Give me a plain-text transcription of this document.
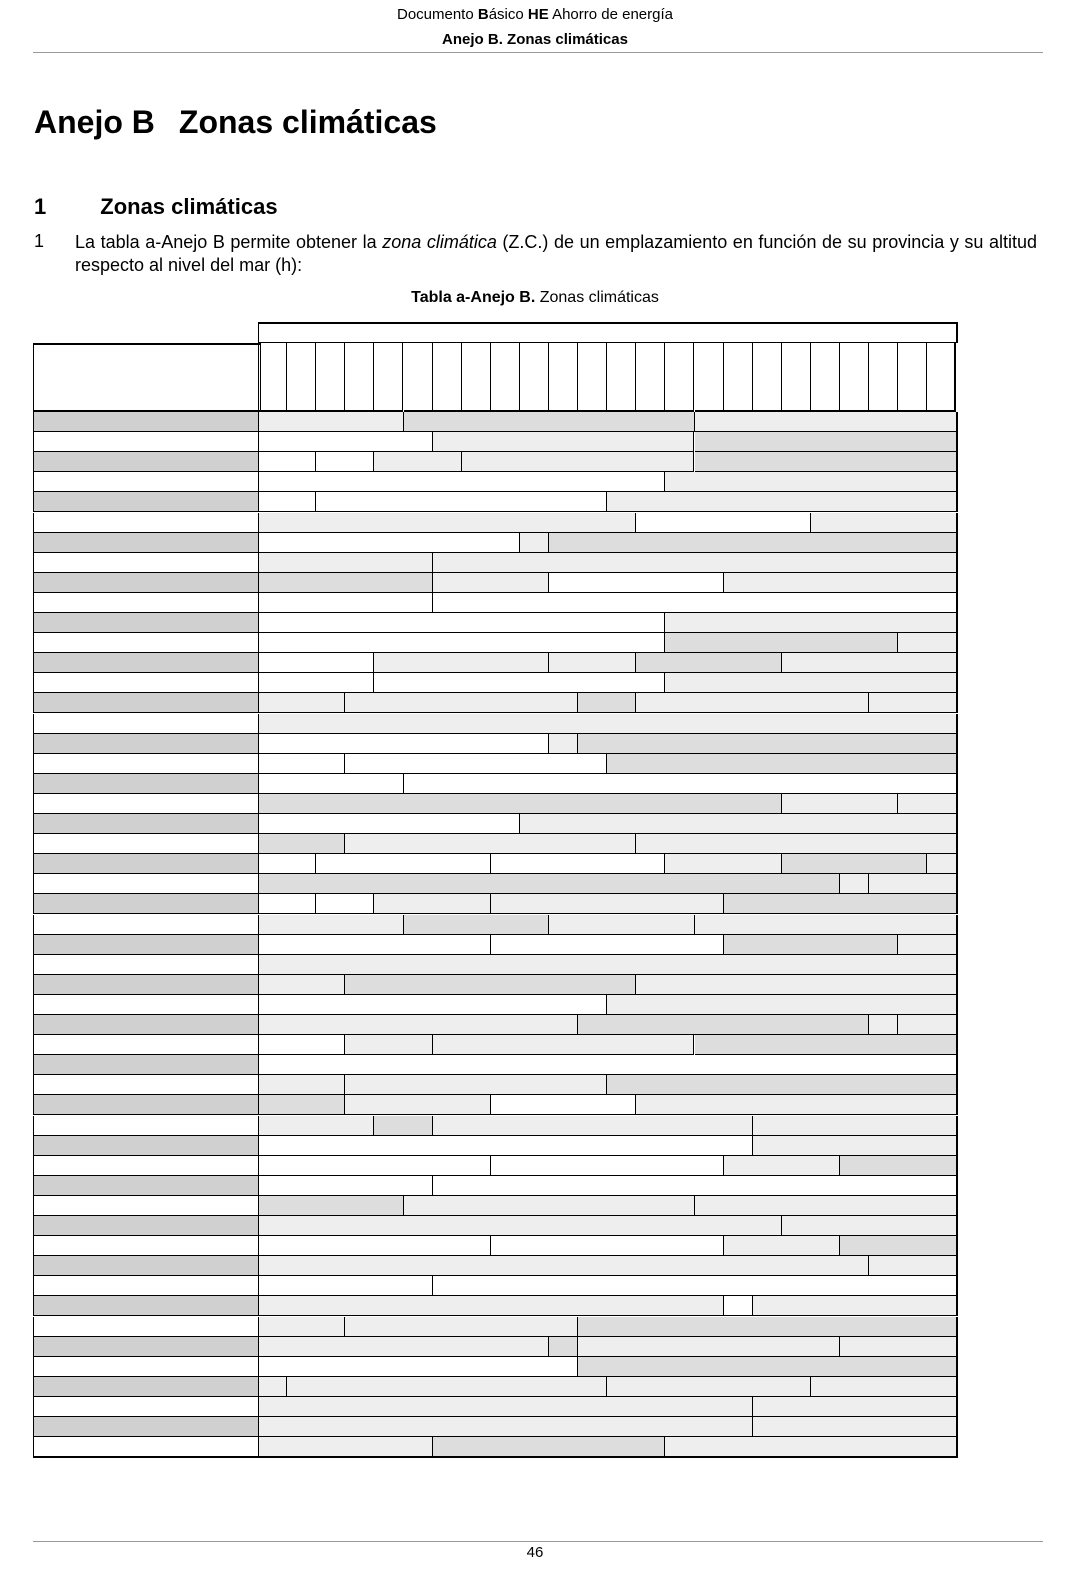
Documento Básico HE Ahorro de energía
Anejo B. Zonas climáticas
Anejo B Zonas climáticas
1 Zonas climáticas
1 La tabla a-Anejo B permite obtener la zona climática (Z.C.) de un emplazamiento en función de su provincia y su altitud respecto al nivel del mar (h):
Tabla a-Anejo B. Zonas climáticas
46
